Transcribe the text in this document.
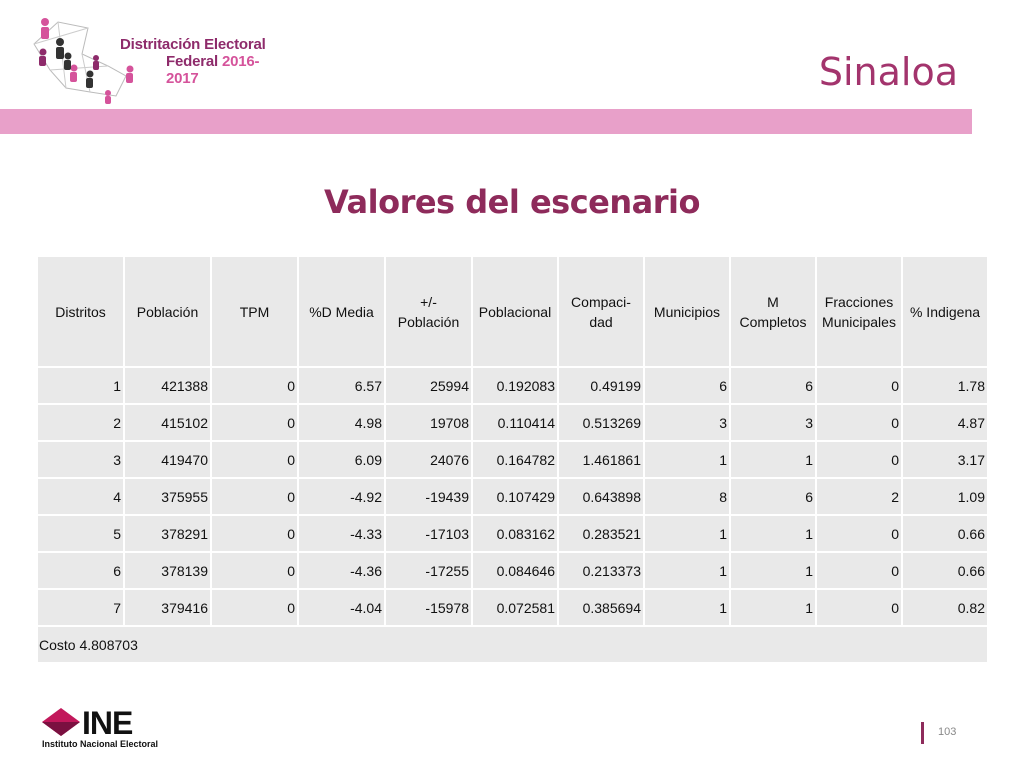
Distritación Electoral
Federal 2016-2017	Sinaloa
Valores del escenario
Distritos	Población	TPM	%D Media	+/- Población	Poblacional	Compaci- dad	Municipios	M Completos	Fracciones Municipales	% Indigena
1	421388	0	6.57	25994	0.192083	0.49199	6	6	0	1.78
2	415102	0	4.98	19708	0.110414	0.513269	3	3	0	4.87
3	419470	0	6.09	24076	0.164782	1.461861	1	1	0	3.17
4	375955	0	-4.92	-19439	0.107429	0.643898	8	6	2	1.09
5	378291	0	-4.33	-17103	0.083162	0.283521	1	1	0	0.66
6	378139	0	-4.36	-17255	0.084646	0.213373	1	1	0	0.66
7	379416	0	-4.04	-15978	0.072581	0.385694	1	1	0	0.82
Costo 4.808703										
INE
Instituto Nacional Electoral
103
